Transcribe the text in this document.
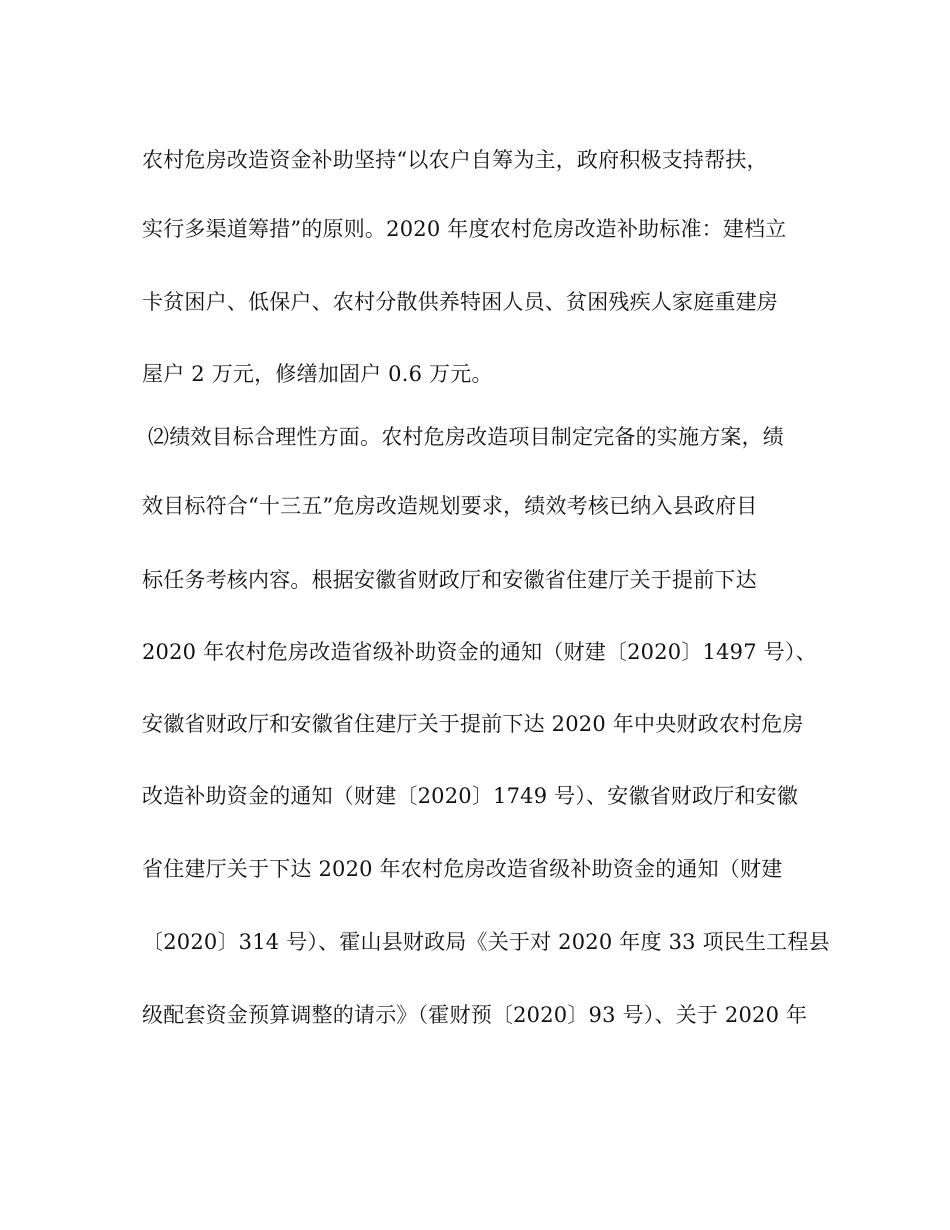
农村危房改造资金补助坚持“以农户自筹为主，政府积极支持帮扶，
实行多渠道筹措”的原则。2020 年度农村危房改造补助标准：建档立
卡贫困户、低保户、农村分散供养特困人员、贫困残疾人家庭重建房
屋户 2 万元，修缮加固户 0.6 万元。
⑵绩效目标合理性方面。农村危房改造项目制定完备的实施方案，绩
效目标符合“十三五”危房改造规划要求，绩效考核已纳入县政府目
标任务考核内容。根据安徽省财政厅和安徽省住建厅关于提前下达
2020 年农村危房改造省级补助资金的通知（财建〔2020〕1497 号）、
安徽省财政厅和安徽省住建厅关于提前下达 2020 年中央财政农村危房
改造补助资金的通知（财建〔2020〕1749 号）、安徽省财政厅和安徽
省住建厅关于下达 2020 年农村危房改造省级补助资金的通知（财建
〔2020〕314 号）、霍山县财政局《关于对 2020 年度 33 项民生工程县
级配套资金预算调整的请示》（霍财预〔2020〕93 号）、关于 2020 年
